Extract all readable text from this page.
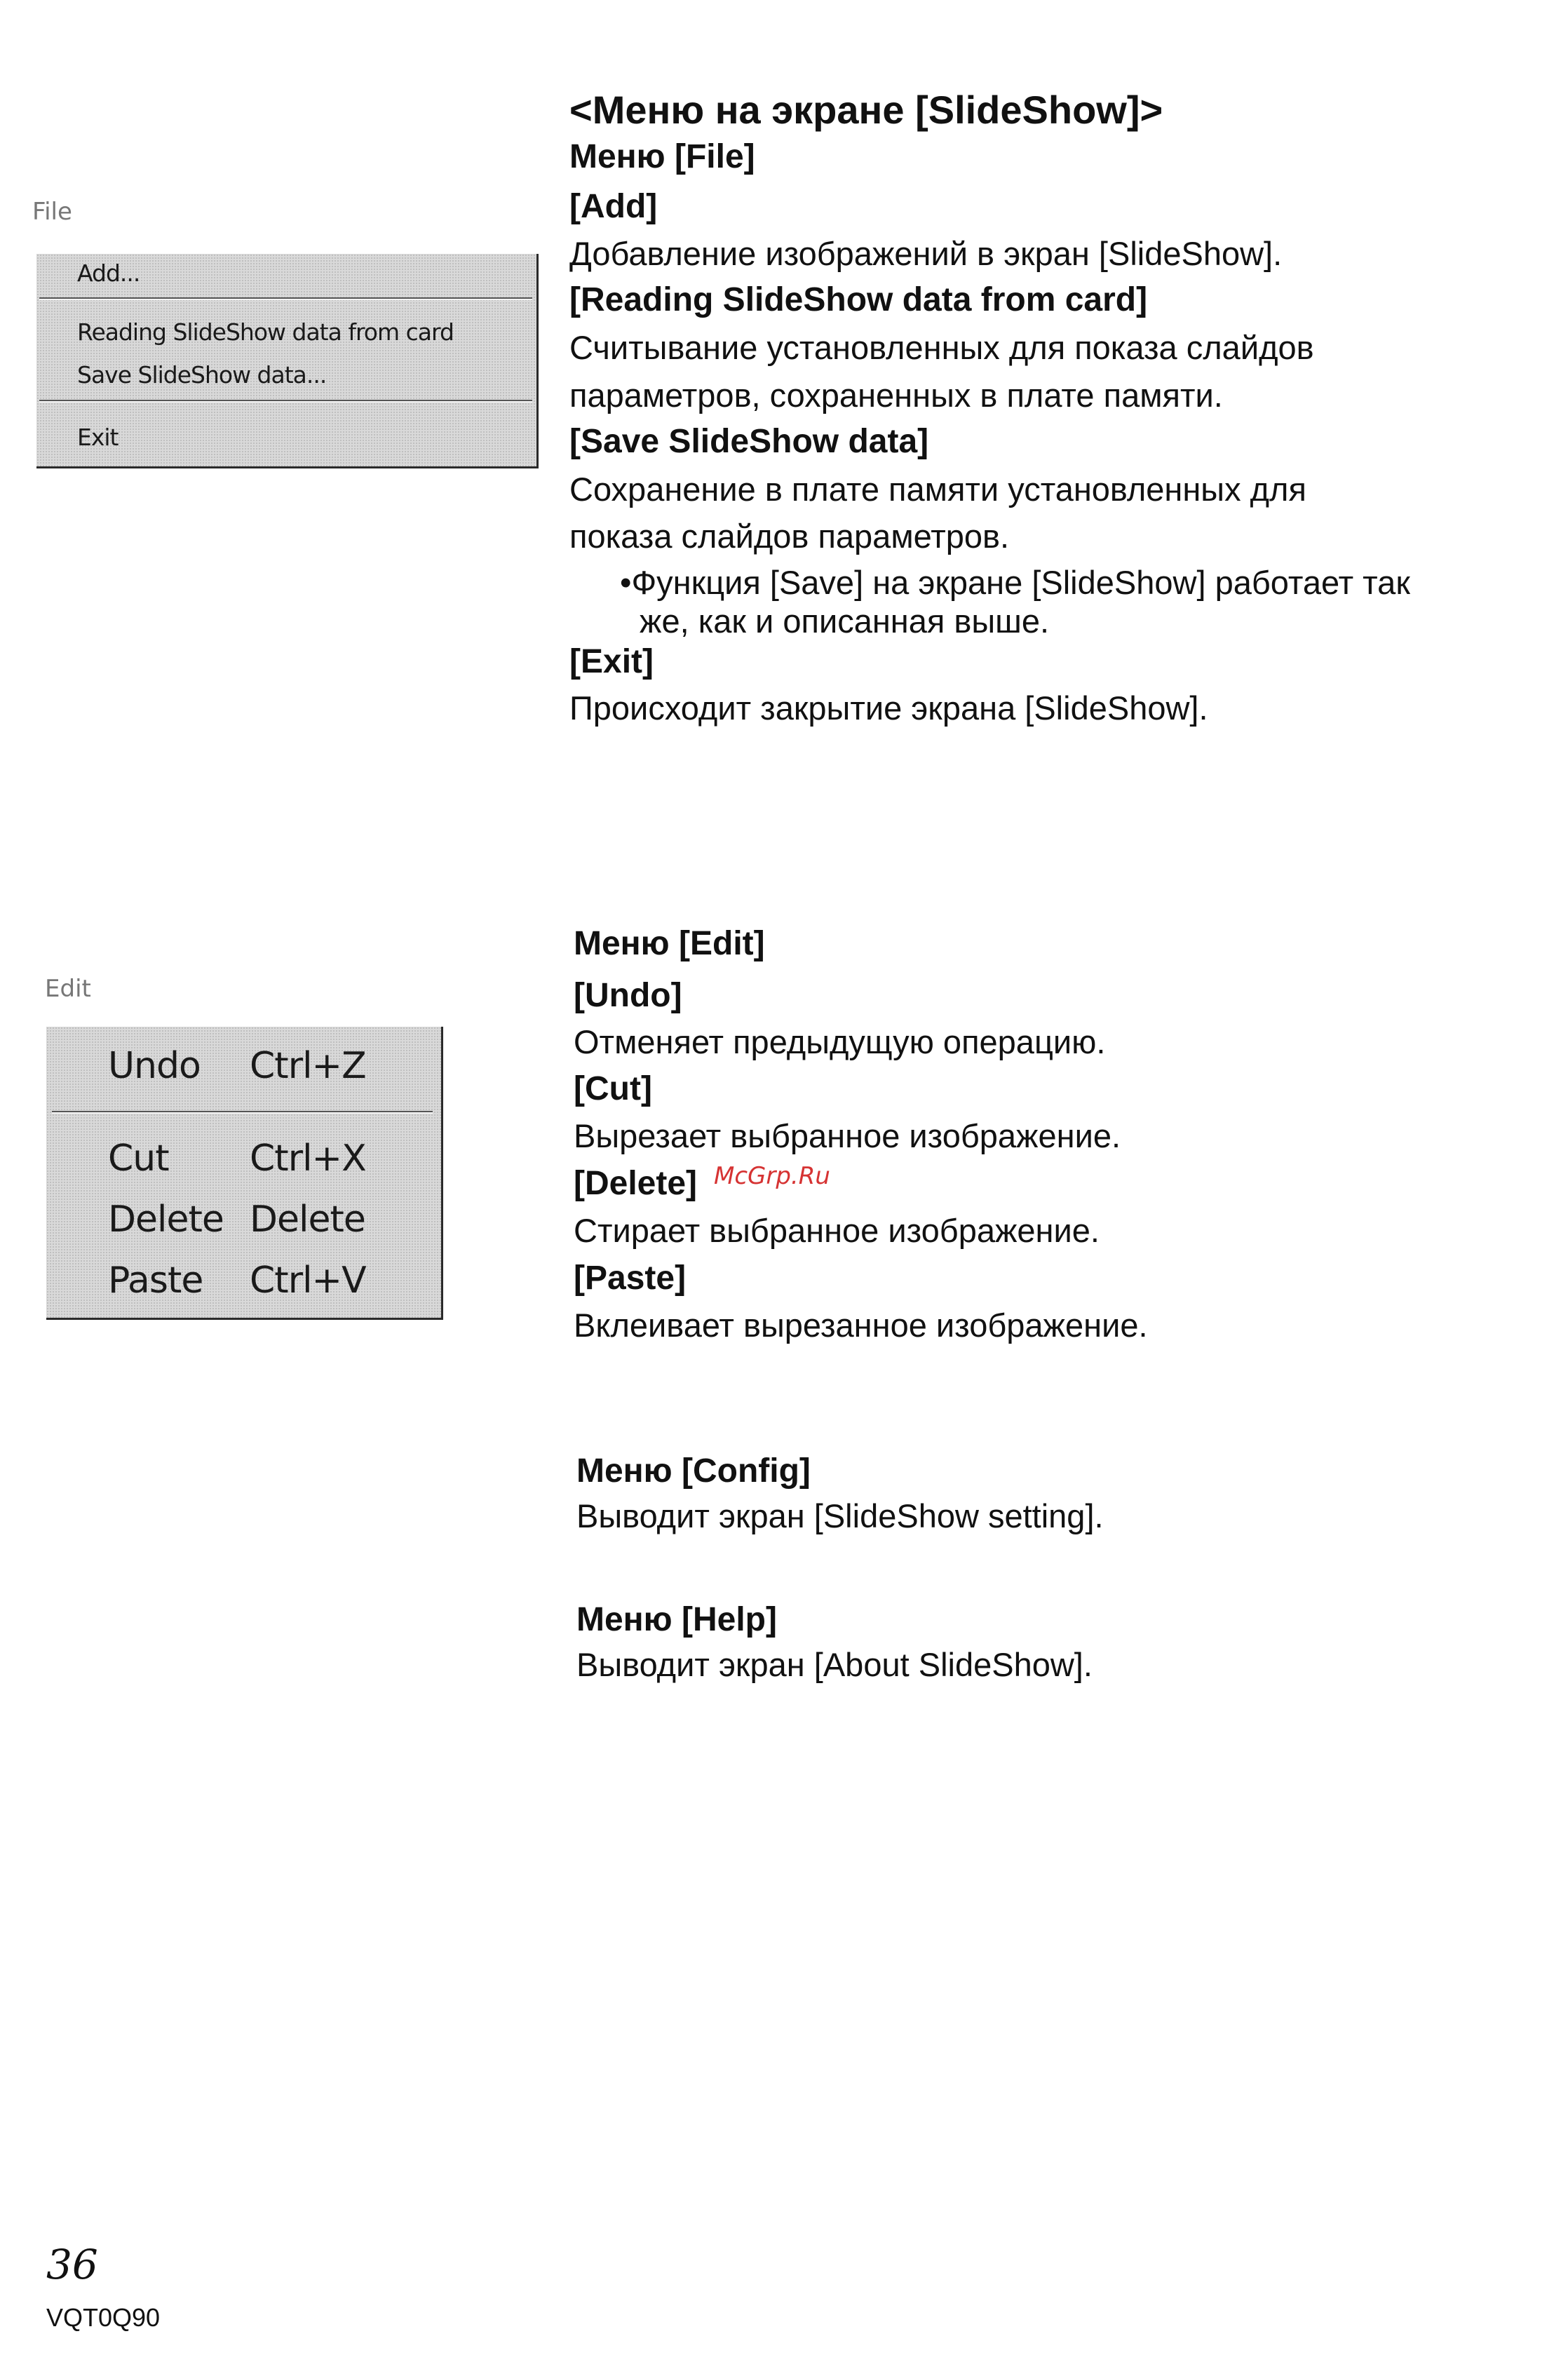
File
Add...
Reading SlideShow data from card
Save SlideShow data...
Exit
Edit
Undo Ctrl+Z
Cut Ctrl+X
Delete Delete
Paste Ctrl+V
<Меню на экране [SlideShow]>
Меню [File]
[Add]
Добавление изображений в экран [SlideShow].
[Reading SlideShow data from card]
Считывание установленных для показа слайдов
параметров, сохраненных в плате памяти.
[Save SlideShow data]
Сохранение в плате памяти установленных для
показа слайдов параметров.
•Функция [Save] на экране [SlideShow] работает так
же, как и описанная выше.
[Exit]
Происходит закрытие экрана [SlideShow].
Меню [Edit]
[Undo]
Отменяет предыдущую операцию.
[Cut]
Вырезает выбранное изображение.
[Delete] McGrp.Ru
Стирает выбранное изображение.
[Paste]
Вклеивает вырезанное изображение.
Меню [Config]
Выводит экран [SlideShow setting].
Меню [Help]
Выводит экран [About SlideShow].
36
VQT0Q90
